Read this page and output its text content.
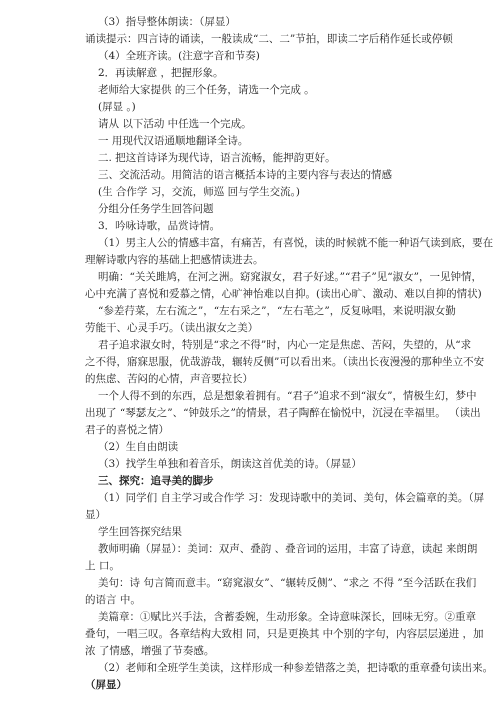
（3）指导整体朗读：（屏显）
诵读提示：四言诗的诵读，一般读成“二、二”节拍，即读二字后稍作延长或停顿
（4）全班齐读。(注意字音和节奏)
2．再读解意 ，把握形象。
老师给大家提供 的三个任务，请选一个完成 。
(屏显 。)
请从 以下活动 中任选一个完成。
一 用现代汉语通顺地翻译全诗。
二. 把这首诗译为现代诗，语言流畅，能押韵更好。
三、交流活动。用简洁的语言概括本诗的主要内容与表达的情感
(生 合作学 习，交流，师巡 回与学生交流。)
分组分任务学生回答问题
3．吟咏诗歌，品赏诗情。
（1）男主人公的情感丰富，有痛苦，有喜悦，读的时候就不能一种语气读到底，要在
理解诗歌内容的基础上把感情读进去。
明确：“关关雎鸠，在河之洲。窈窕淑女，君子好逑。”“君子”见“淑女”，一见钟情，
心中充满了喜悦和爱慕之情，心旷神怡难以自抑。(读出心旷、激动、难以自抑的情状)
“参差荇菜，左右流之”，“左右采之”，“左右芼之”，反复咏唱，来说明淑女勤
劳能干、心灵手巧。（读出淑女之美）
君子追求淑女时，特别是“求之不得”时，内心一定是焦虑、苦闷，失望的，从“求
之不得，寤寐思服，优哉游哉，辗转反侧”可以看出来。（读出长夜漫漫的那种坐立不安
的焦虑、苦闷的心情，声音要拉长）
一个人得不到的东西，总是想象着拥有。“君子”追求不到“淑女”，情极生幻，梦中
出现了 “琴瑟友之”、“钟鼓乐之”的情景，君子陶醉在愉悦中，沉浸在幸福里。 （读出
君子的喜悦之情）
（2）生自由朗读
（3）找学生单独和着音乐，朗读这首优美的诗。（屏显）
三、探究：追寻美的脚步
（1）同学们 自主学习或合作学 习：发现诗歌中的美词、美句，体会篇章的美。（屏
显）
学生回答探究结果
教师明确（屏显）：美词：双声、叠韵 、叠音词的运用，丰富了诗意，读起 来朗朗
上 口。
美句：诗 句言简而意丰。“窈窕淑女”、“辗转反侧”、“求之 不得 ”至今活跃在我们
的语言 中。
美篇章：①赋比兴手法，含蓄委婉，生动形象。全诗意味深长，回味无穷。②重章
叠句，一唱三叹。各章结构大致相 同，只是更换其 中个别的字句，内容层层递进 ，加
浓 了情感，增强了节奏感。
（2）老师和全班学生美读，这样形成一种参差错落之美，把诗歌的重章叠句读出来。
（屏显）
